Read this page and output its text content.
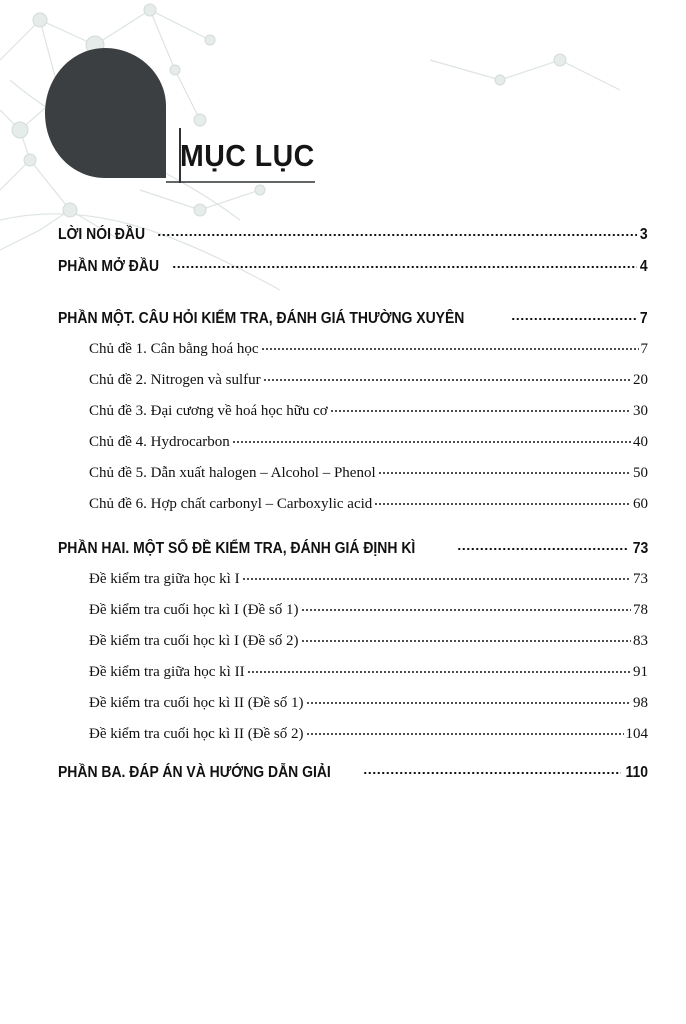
MỤC LỤC
LỜI NÓI ĐẦU	3
PHẦN MỞ ĐẦU	4
PHẦN MỘT. CÂU HỎI KIỂM TRA, ĐÁNH GIÁ THƯỜNG XUYÊN	7
Chủ đề 1. Cân bằng hoá học	7
Chủ đề 2. Nitrogen và sulfur	20
Chủ đề 3. Đại cương về hoá học hữu cơ	30
Chủ đề 4. Hydrocarbon	40
Chủ đề 5. Dẫn xuất halogen – Alcohol – Phenol	50
Chủ đề 6. Hợp chất carbonyl – Carboxylic acid	60
PHẦN HAI. MỘT SỐ ĐỀ KIỂM TRA, ĐÁNH GIÁ ĐỊNH KÌ	73
Đề kiểm tra giữa học kì I	73
Đề kiểm tra cuối học kì I (Đề số 1)	78
Đề kiểm tra cuối học kì I (Đề số 2)	83
Đề kiểm tra giữa học kì II	91
Đề kiểm tra cuối học kì II (Đề số 1)	98
Đề kiểm tra cuối học kì II (Đề số 2)	104
PHẦN BA. ĐÁP ÁN VÀ HƯỚNG DẪN GIẢI	110
